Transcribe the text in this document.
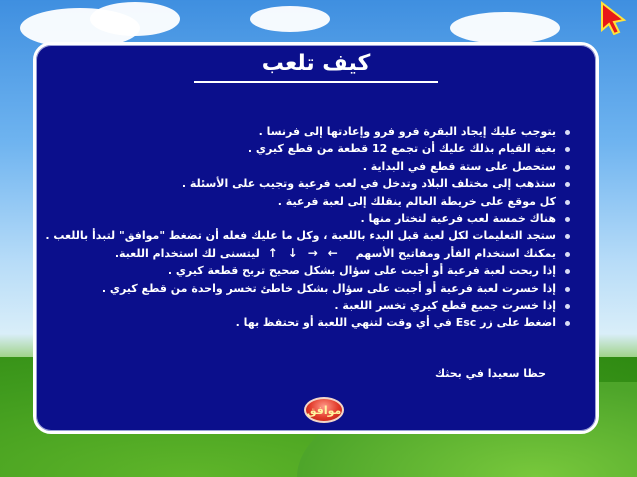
كيف تلعب
يتوجب عليك إيجاد البقرة فرو فرو وإعادتها إلى فرنسا .
بغية القيام بذلك عليك أن تجمع 12 قطعة من قطع كيري .
ستحصل على ستة قطع في البداية .
ستذهب إلى مختلف البلاد وتدخل في لعب فرعية وتجيب على الأسئلة .
كل موقع على خريطة العالم ينقلك إلى لعبة فرعية .
هناك خمسة لعب فرعية لتختار منها .
ستجد التعليمات لكل لعبة قبل البدء باللعبة ، وكل ما عليك فعله أن تضغط "موافق" لتبدأ باللعب .
يمكنك استخدام الفأر ومفاتيح الأسهم ↑↓→← ليتسنى لك استخدام اللعبة.
إذا ربحت لعبة فرعية أو أجبت على سؤال بشكل صحيح تربح قطعة كيري .
إذا خسرت لعبة فرعية أو أجبت على سؤال بشكل خاطئ تخسر واحدة من قطع كيري .
إذا خسرت جميع قطع كيري تخسر اللعبة .
اضغط على زر Esc في أي وقت لتنهي اللعبة أو تحتفظ بها .
حظا سعيدا في بحثك
موافق
